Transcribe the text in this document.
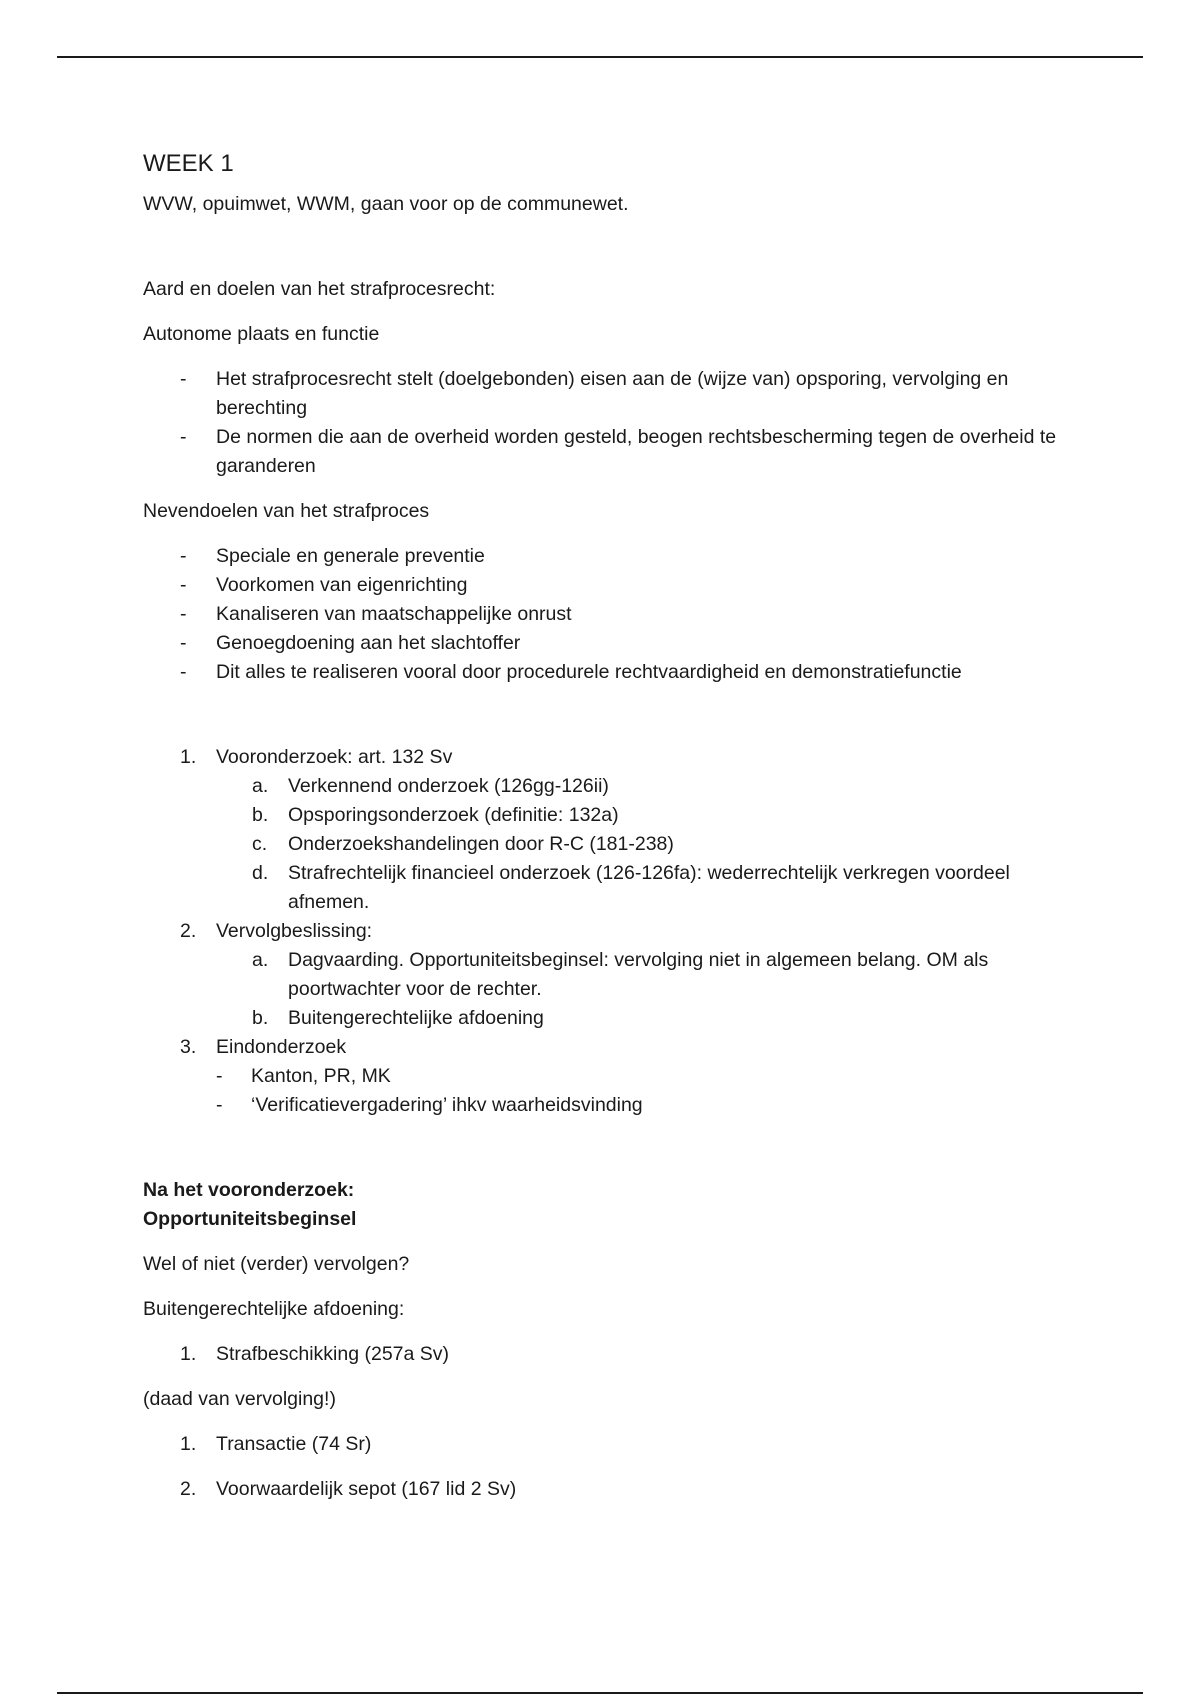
WEEK 1

WVW, opuimwet, WWM, gaan voor op de communewet.

Aard en doelen van het strafprocesrecht:

Autonome plaats en functie

- Het strafprocesrecht stelt (doelgebonden) eisen aan de (wijze van) opsporing, vervolging en berechting
- De normen die aan de overheid worden gesteld, beogen rechtsbescherming tegen de overheid te garanderen

Nevendoelen van het strafproces

- Speciale en generale preventie
- Voorkomen van eigenrichting
- Kanaliseren van maatschappelijke onrust
- Genoegdoening aan het slachtoffer
- Dit alles te realiseren vooral door procedurele rechtvaardigheid en demonstratiefunctie
1. Vooronderzoek: art. 132 Sv
a. Verkennend onderzoek (126gg-126ii)
b. Opsporingsonderzoek (definitie: 132a)
c. Onderzoekshandelingen door R-C (181-238)
d. Strafrechtelijk financieel onderzoek (126-126fa): wederrechtelijk verkregen voordeel afnemen.
2. Vervolgbeslissing:
a. Dagvaarding. Opportuniteitsbeginsel: vervolging niet in algemeen belang. OM als poortwachter voor de rechter.
b. Buitengerechtelijke afdoening
3. Eindonderzoek
- Kanton, PR, MK
- ‘Verificatievergadering’ ihkv waarheidsvinding

Na het vooronderzoek:

Opportuniteitsbeginsel

Wel of niet (verder) vervolgen?

Buitengerechtelijke afdoening:

1. Strafbeschikking (257a Sv)

(daad van vervolging!)

1. Transactie (74 Sr)
2. Voorwaardelijk sepot (167 lid 2 Sv)
